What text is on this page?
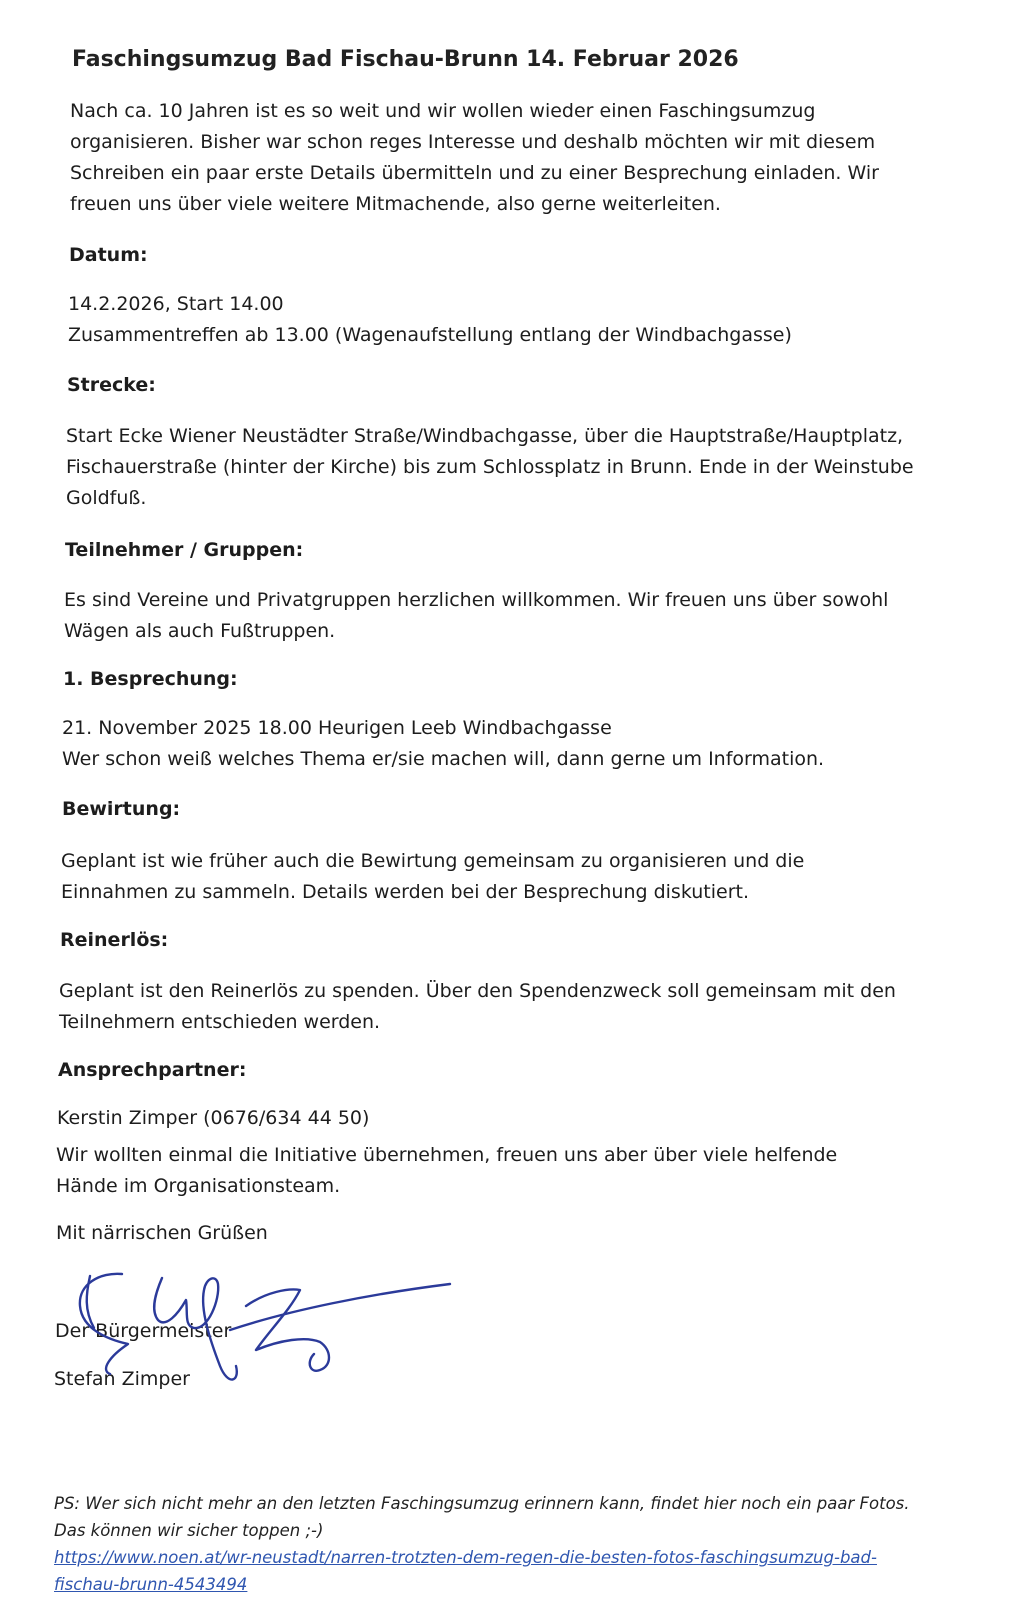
Faschingsumzug Bad Fischau-Brunn 14. Februar 2026

Nach ca. 10 Jahren ist es so weit und wir wollen wieder einen Faschingsumzug organisieren. Bisher war schon reges Interesse und deshalb möchten wir mit diesem Schreiben ein paar erste Details übermitteln und zu einer Besprechung einladen. Wir freuen uns über viele weitere Mitmachende, also gerne weiterleiten.

Datum:

14.2.2026, Start 14.00
Zusammentreffen ab 13.00 (Wagenaufstellung entlang der Windbachgasse)

Strecke:

Start Ecke Wiener Neustädter Straße/Windbachgasse, über die Hauptstraße/Hauptplatz, Fischauerstraße (hinter der Kirche) bis zum Schlossplatz in Brunn. Ende in der Weinstube Goldfuß.

Teilnehmer / Gruppen:

Es sind Vereine und Privatgruppen herzlichen willkommen. Wir freuen uns über sowohl Wägen als auch Fußtruppen.

1. Besprechung:

21. November 2025 18.00 Heurigen Leeb Windbachgasse
Wer schon weiß welches Thema er/sie machen will, dann gerne um Information.

Bewirtung:

Geplant ist wie früher auch die Bewirtung gemeinsam zu organisieren und die Einnahmen zu sammeln. Details werden bei der Besprechung diskutiert.

Reinerlös:

Geplant ist den Reinerlös zu spenden. Über den Spendenzweck soll gemeinsam mit den Teilnehmern entschieden werden.

Ansprechpartner:

Kerstin Zimper (0676/634 44 50)

Wir wollten einmal die Initiative übernehmen, freuen uns aber über viele helfende Hände im Organisationsteam.

Mit närrischen Grüßen

Der Bürgermeister

Stefan Zimper

PS: Wer sich nicht mehr an den letzten Faschingsumzug erinnern kann, findet hier noch ein paar Fotos.
Das können wir sicher toppen ;-)
https://www.noen.at/wr-neustadt/narren-trotzten-dem-regen-die-besten-fotos-faschingsumzug-bad-
fischau-brunn-4543494
